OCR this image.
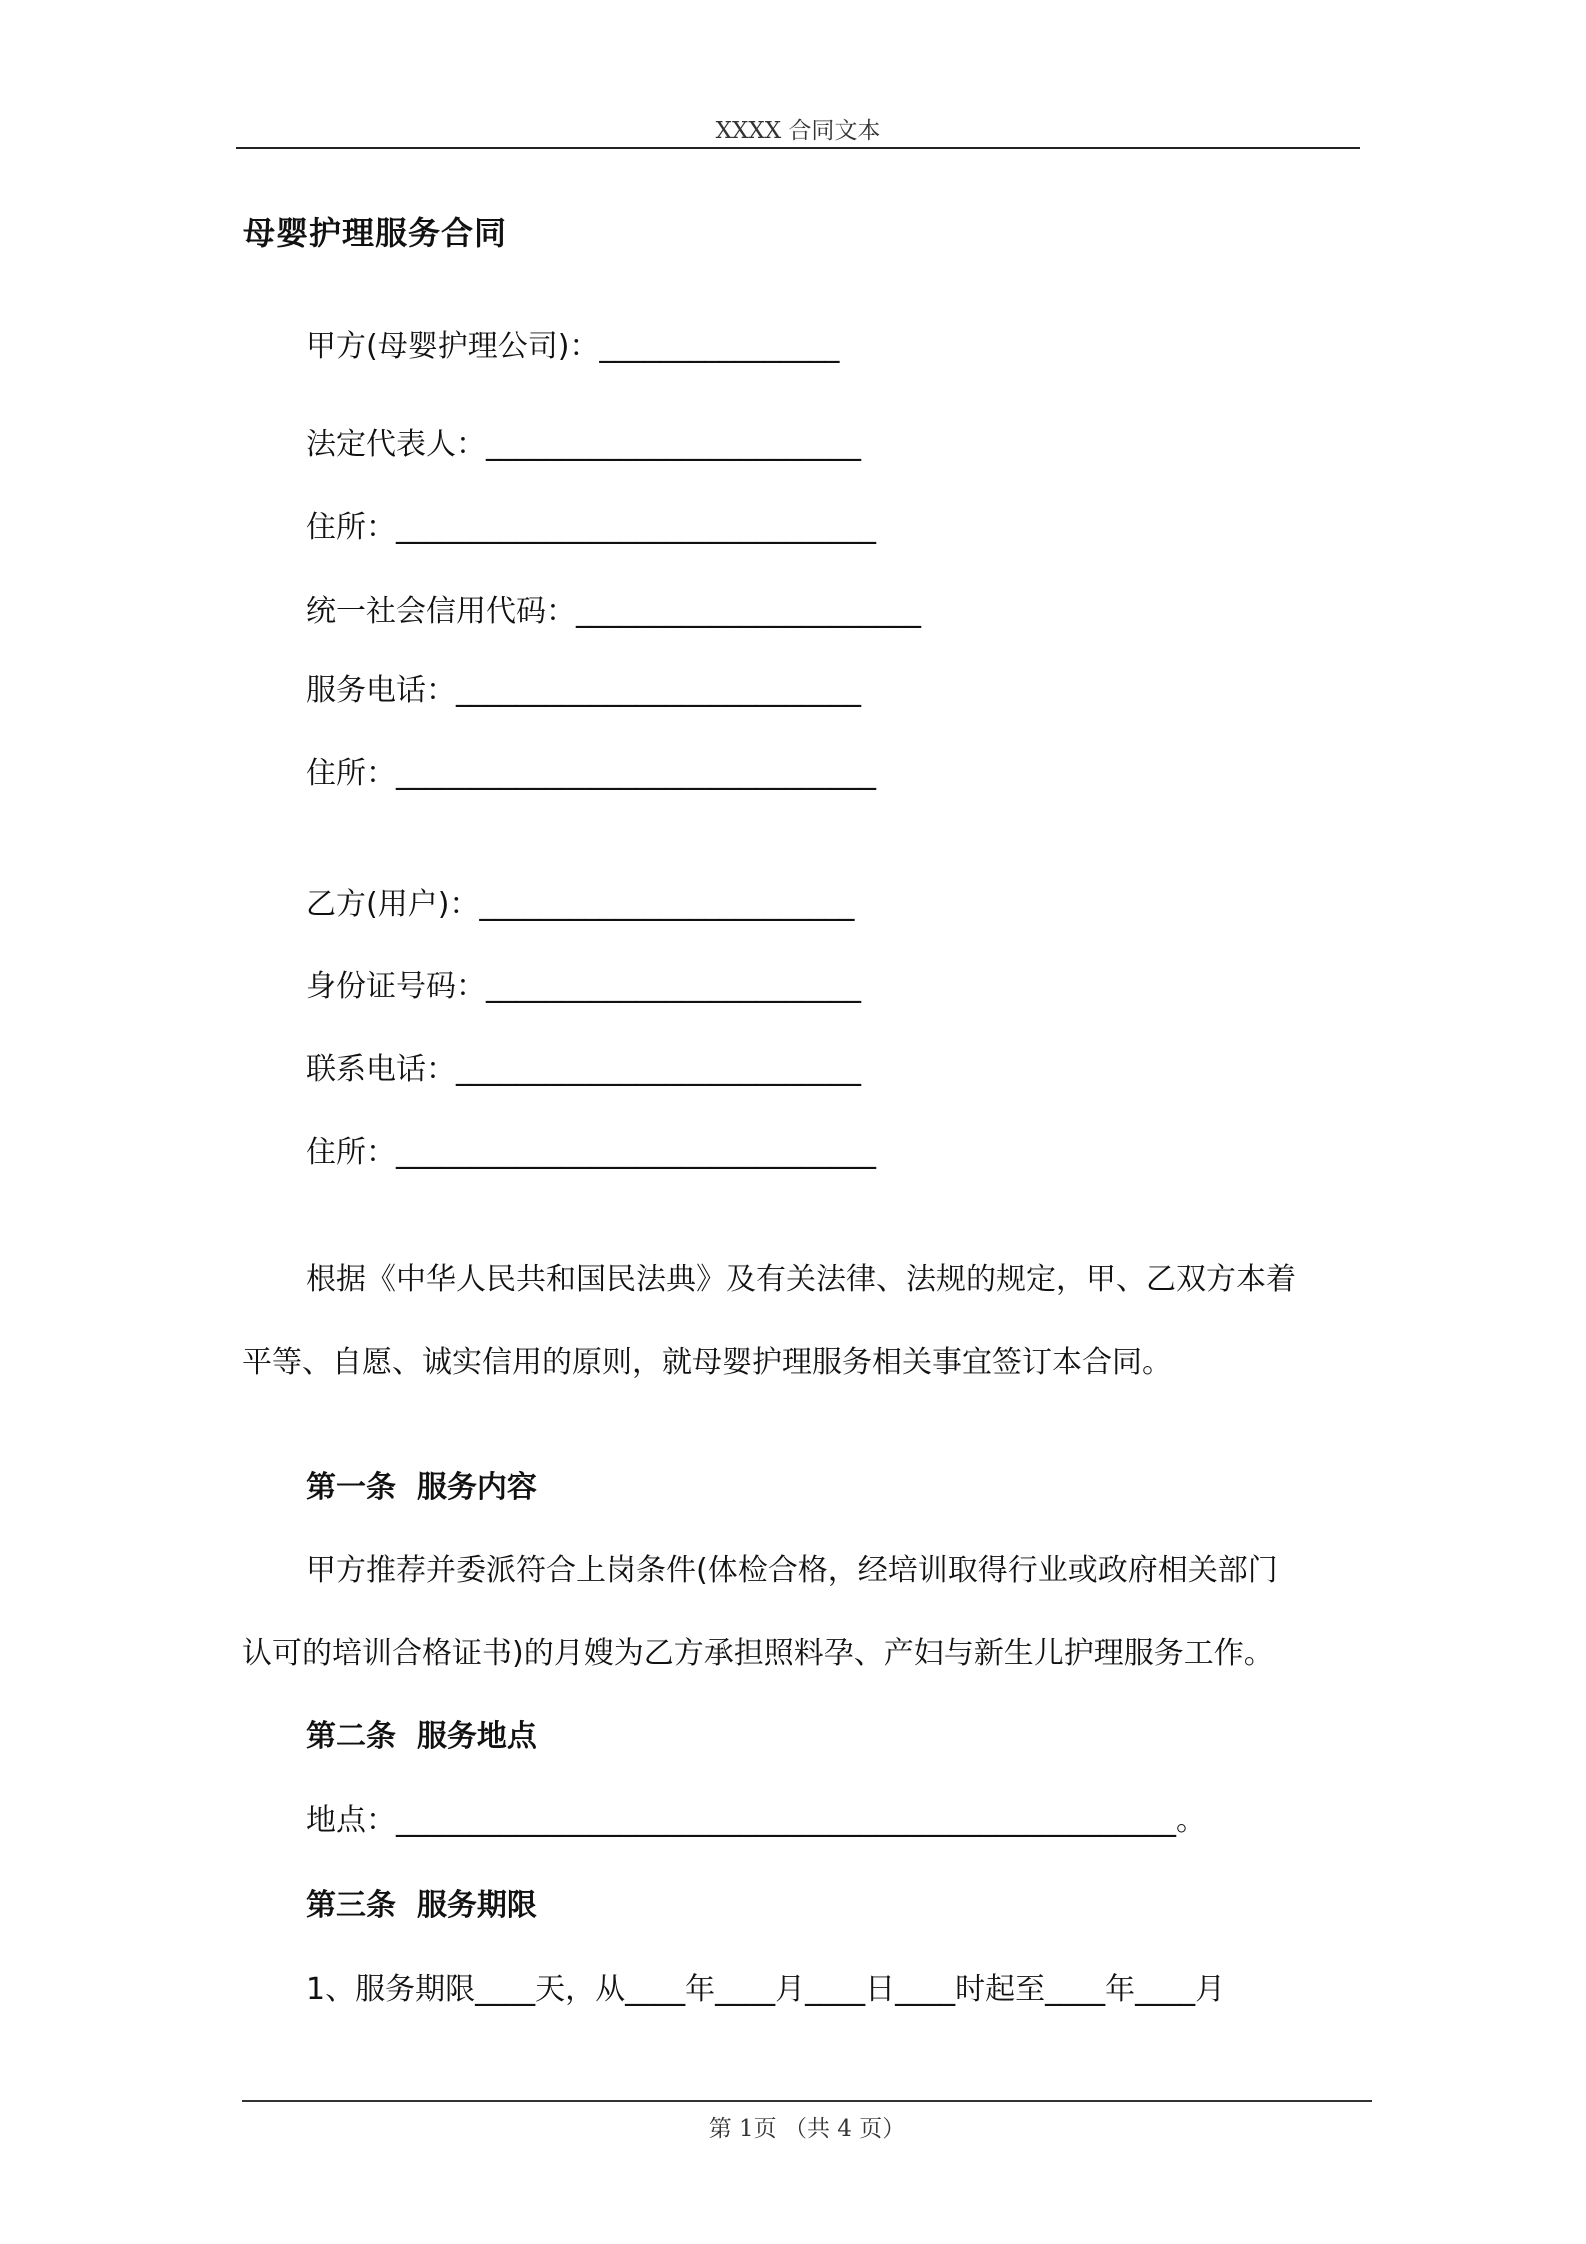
XXXX 合同文本
母婴护理服务合同

甲方(母婴护理公司)：________________

法定代表人：_________________________

住所：________________________________

统一社会信用代码：_______________________

服务电话：___________________________

住所：________________________________

乙方(用户)：_________________________

身份证号码：_________________________

联系电话：___________________________

住所：________________________________

根据《中华人民共和国民法典》及有关法律、法规的规定，甲、乙双方本着

平等、自愿、诚实信用的原则，就母婴护理服务相关事宜签订本合同。

第一条  服务内容

甲方推荐并委派符合上岗条件(体检合格，经培训取得行业或政府相关部门

认可的培训合格证书)的月嫂为乙方承担照料孕、产妇与新生儿护理服务工作。

第二条  服务地点

地点：____________________________________________________。

第三条  服务期限

1、服务期限____天，从____年____月____日____时起至____年____月

第 1页 （共 4 页）
